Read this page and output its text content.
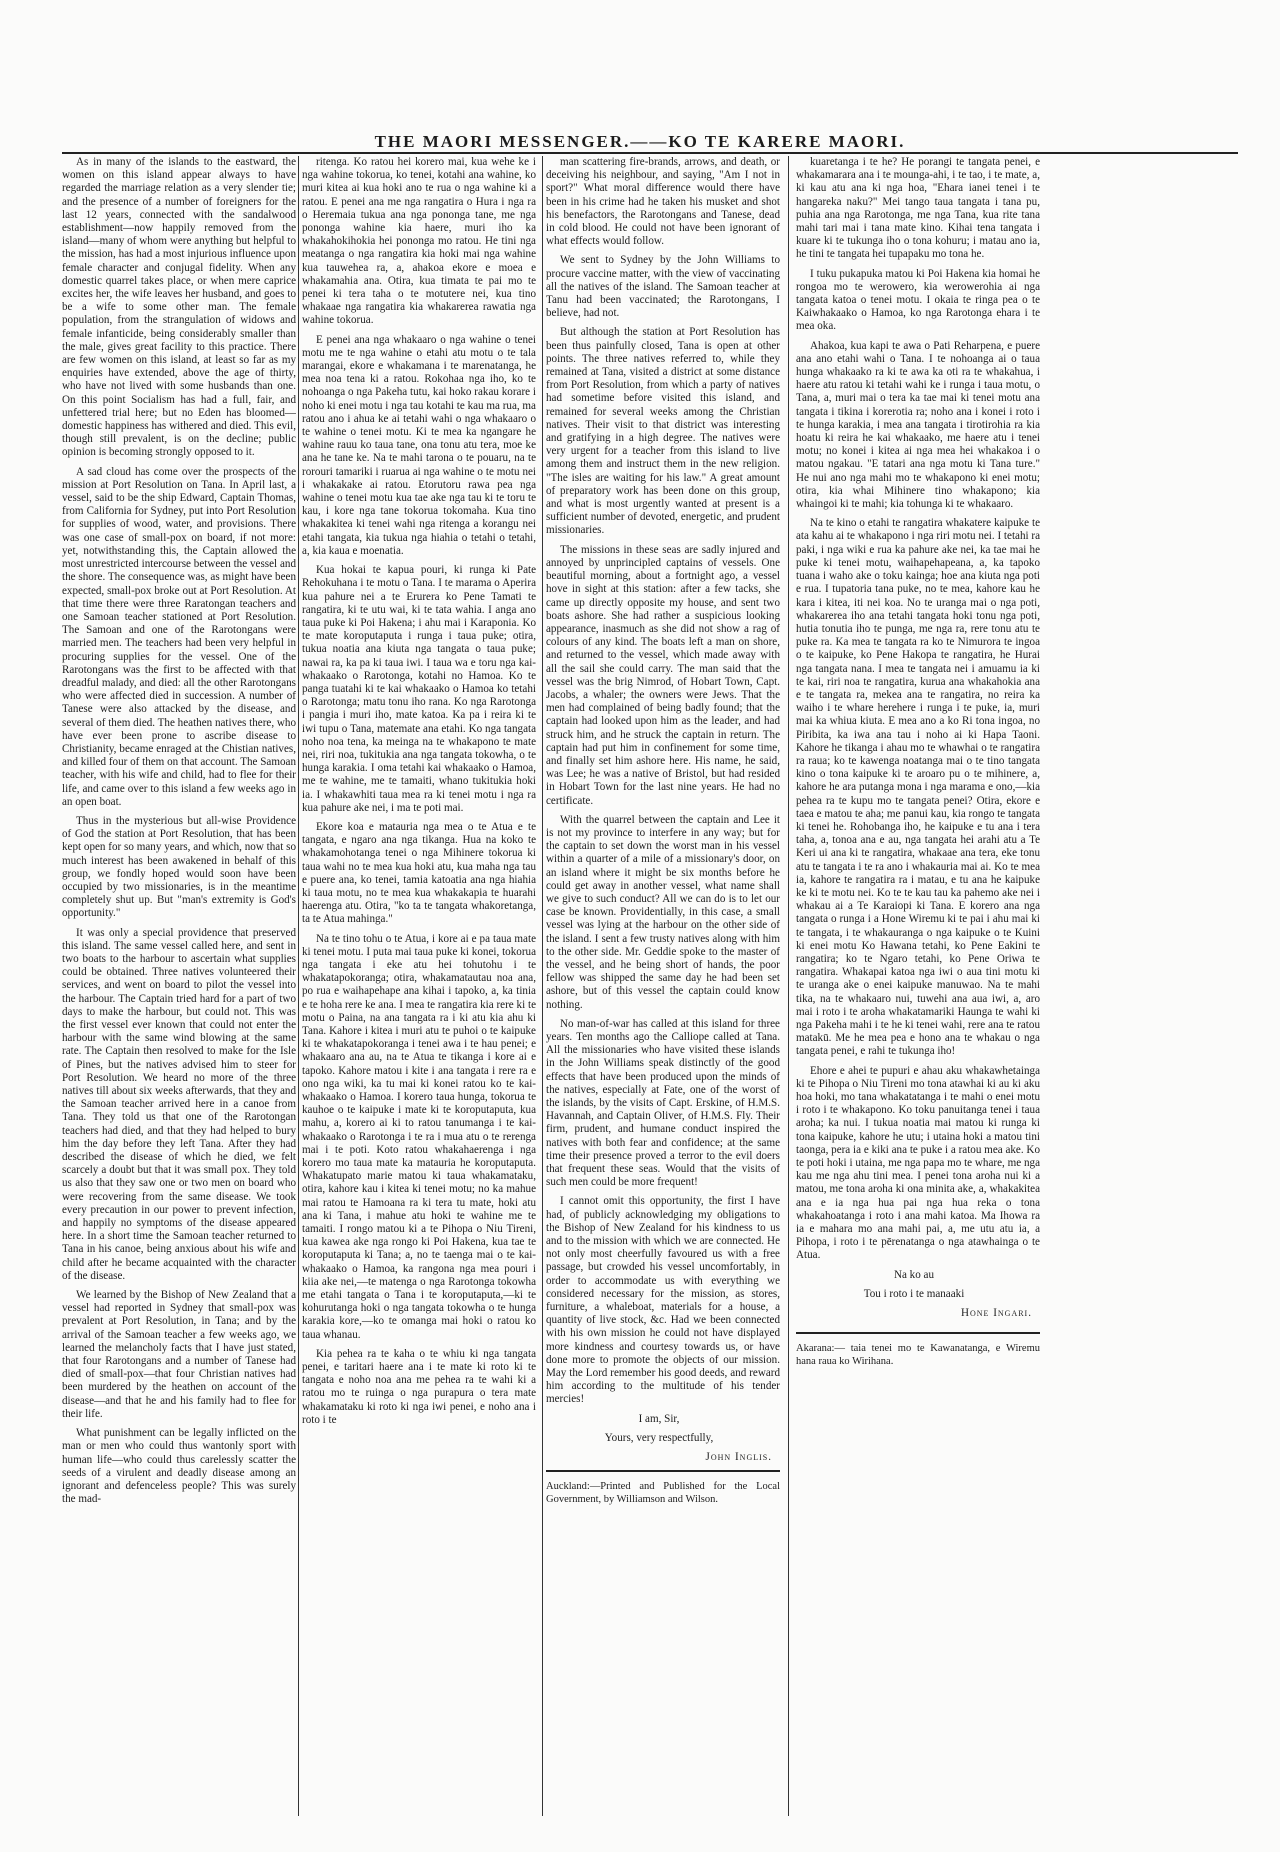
THE MAORI MESSENGER.——KO TE KARERE MAORI.

As in many of the islands to the eastward, the women on this island appear always to have regarded the marriage relation as a very slender tie; and the presence of a number of foreigners for the last 12 years, connected with the sandalwood establishment—now happily removed from the island—many of whom were anything but helpful to the mission, has had a most injurious influence upon female character and conjugal fidelity. When any domestic quarrel takes place, or when mere caprice excites her, the wife leaves her husband, and goes to be a wife to some other man. The female population, from the strangulation of widows and female infanticide, being considerably smaller than the male, gives great facility to this practice. There are few women on this island, at least so far as my enquiries have extended, above the age of thirty, who have not lived with some husbands than one. On this point Socialism has had a full, fair, and unfettered trial here; but no Eden has bloomed—domestic happiness has withered and died. This evil, though still prevalent, is on the decline; public opinion is becoming strongly opposed to it.

A sad cloud has come over the prospects of the mission at Port Resolution on Tana. In April last, a vessel, said to be the ship Edward, Captain Thomas, from California for Sydney, put into Port Resolution for supplies of wood, water, and provisions. There was one case of small-pox on board, if not more: yet, notwithstanding this, the Captain allowed the most unrestricted intercourse between the vessel and the shore. The consequence was, as might have been expected, small-pox broke out at Port Resolution. At that time there were three Raratongan teachers and one Samoan teacher stationed at Port Resolution. The Samoan and one of the Rarotongans were married men. The teachers had been very helpful in procuring supplies for the vessel. One of the Rarotongans was the first to be affected with that dreadful malady, and died: all the other Rarotongans who were affected died in succession. A number of Tanese were also attacked by the disease, and several of them died. The heathen natives there, who have ever been prone to ascribe disease to Christianity, became enraged at the Chistian natives, and killed four of them on that account. The Samoan teacher, with his wife and child, had to flee for their life, and came over to this island a few weeks ago in an open boat.

Thus in the mysterious but all-wise Providence of God the station at Port Resolution, that has been kept open for so many years, and which, now that so much interest has been awakened in behalf of this group, we fondly hoped would soon have been occupied by two missionaries, is in the meantime completely shut up. But "man's extremity is God's opportunity."

It was only a special providence that preserved this island. The same vessel called here, and sent in two boats to the harbour to ascertain what supplies could be obtained. Three natives volunteered their services, and went on board to pilot the vessel into the harbour. The Captain tried hard for a part of two days to make the harbour, but could not. This was the first vessel ever known that could not enter the harbour with the same wind blowing at the same rate. The Captain then resolved to make for the Isle of Pines, but the natives advised him to steer for Port Resolution. We heard no more of the three natives till about six weeks afterwards, that they and the Samoan teacher arrived here in a canoe from Tana. They told us that one of the Rarotongan teachers had died, and that they had helped to bury him the day before they left Tana. After they had described the disease of which he died, we felt scarcely a doubt but that it was small pox. They told us also that they saw one or two men on board who were recovering from the same disease. We took every precaution in our power to prevent infection, and happily no symptoms of the disease appeared here. In a short time the Samoan teacher returned to Tana in his canoe, being anxious about his wife and child after he became acquainted with the character of the disease.

We learned by the Bishop of New Zealand that a vessel had reported in Sydney that small-pox was prevalent at Port Resolution, in Tana; and by the arrival of the Samoan teacher a few weeks ago, we learned the melancholy facts that I have just stated, that four Rarotongans and a number of Tanese had died of small-pox—that four Christian natives had been murdered by the heathen on account of the disease—and that he and his family had to flee for their life.

What punishment can be legally inflicted on the man or men who could thus wantonly sport with human life—who could thus carelessly scatter the seeds of a virulent and deadly disease among an ignorant and defenceless people? This was surely the mad-

ritenga. Ko ratou hei korero mai, kua wehe ke i nga wahine tokorua, ko tenei, kotahi ana wahine, ko muri kitea ai kua hoki ano te rua o nga wahine ki a ratou. E penei ana me nga rangatira o Hura i nga ra o Heremaia tukua ana nga pononga tane, me nga pononga wahine kia haere, muri iho ka whakahokihokia hei pononga mo ratou. He tini nga meatanga o nga rangatira kia hoki mai nga wahine kua tauwehea ra, a, ahakoa ekore e moea e whakamahia ana. Otira, kua timata te pai mo te penei ki tera taha o te motutere nei, kua tino whakaae nga rangatira kia whakarerea rawatia nga wahine tokorua.

E penei ana nga whakaaro o nga wahine o tenei motu me te nga wahine o etahi atu motu o te tala marangai, ekore e whakamana i te marenatanga, he mea noa tena ki a ratou. Rokohaa nga iho, ko te nohoanga o nga Pakeha tutu, kai hoko rakau korare i noho ki enei motu i nga tau kotahi te kau ma rua, ma ratou ano i ahua ke ai tetahi wahi o nga whakaaro o te wahine o tenei motu. Ki te mea ka ngangare he wahine rauu ko taua tane, ona tonu atu tera, moe ke ana he tane ke. Na te mahi tarona o te pouaru, na te rorouri tamariki i ruarua ai nga wahine o te motu nei i whakakake ai ratou. Etorutoru rawa pea nga wahine o tenei motu kua tae ake nga tau ki te toru te kau, i kore nga tane tokorua tokomaha. Kua tino whakakitea ki tenei wahi nga ritenga a korangu nei etahi tangata, kia tukua nga hiahia o tetahi o tetahi, a, kia kaua e moenatia.

Kua hokai te kapua pouri, ki runga ki Pate Rehokuhana i te motu o Tana. I te marama o Aperira kua pahure nei a te Erurera ko Pene Tamati te rangatira, ki te utu wai, ki te tata wahia. I anga ano taua puke ki Poi Hakena; i ahu mai i Karaponia. Ko te mate koroputaputa i runga i taua puke; otira, tukua noatia ana kiuta nga tangata o taua puke; nawai ra, ka pa ki taua iwi. I taua wa e toru nga kai-whakaako o Rarotonga, kotahi no Hamoa. Ko te panga tuatahi ki te kai whakaako o Hamoa ko tetahi o Rarotonga; matu tonu iho rana. Ko nga Rarotonga i pangia i muri iho, mate katoa. Ka pa i reira ki te iwi tupu o Tana, matemate ana etahi. Ko nga tangata noho noa tena, ka meinga na te whakapono te mate nei, riri noa, tukitukia ana nga tangata tokowha, o te hunga karakia. I oma tetahi kai whakaako o Hamoa, me te wahine, me te tamaiti, whano tukitukia hoki ia. I whakawhiti taua mea ra ki tenei motu i nga ra kua pahure ake nei, i ma te poti mai.

Ekore koa e matauria nga mea o te Atua e te tangata, e ngaro ana nga tikanga. Hua na koko te whakamohotanga tenei o nga Mihinere tokorua ki taua wahi no te mea kua hoki atu, kua maha nga tau e puere ana, ko tenei, tamia katoatia ana nga hiahia ki taua motu, no te mea kua whakakapia te huarahi haerenga atu. Otira, "ko ta te tangata whakoretanga, ta te Atua mahinga."

Na te tino tohu o te Atua, i kore ai e pa taua mate ki tenei motu. I puta mai taua puke ki konei, tokorua nga tangata i eke atu hei tohutohu i te whakatapokoranga; otira, whakamatautau noa ana, po rua e waihapehape ana kihai i tapoko, a, ka tinia e te hoha rere ke ana. I mea te rangatira kia rere ki te motu o Paina, na ana tangata ra i ki atu kia ahu ki Tana. Kahore i kitea i muri atu te puhoi o te kaipuke ki te whakatapokoranga i tenei awa i te hau penei; e whakaaro ana au, na te Atua te tikanga i kore ai e tapoko. Kahore matou i kite i ana tangata i rere ra e ono nga wiki, ka tu mai ki konei ratou ko te kai-whakaako o Hamoa. I korero taua hunga, tokorua te kauhoe o te kaipuke i mate ki te koroputaputa, kua mahu, a, korero ai ki to ratou tanumanga i te kai-whakaako o Rarotonga i te ra i mua atu o te rerenga mai i te poti. Koto ratou whakahaerenga i nga korero mo taua mate ka matauria he koroputaputa. Whakatupato marie matou ki taua whakamataku, otira, kahore kau i kitea ki tenei motu; no ka mahue mai ratou te Hamoana ra ki tera tu mate, hoki atu ana ki Tana, i mahue atu hoki te wahine me te tamaiti. I rongo matou ki a te Pihopa o Niu Tireni, kua kawea ake nga rongo ki Poi Hakena, kua tae te koroputaputa ki Tana; a, no te taenga mai o te kai-whakaako o Hamoa, ka rangona nga mea pouri i kiia ake nei,—te matenga o nga Rarotonga tokowha me etahi tangata o Tana i te koroputaputa,—ki te kohurutanga hoki o nga tangata tokowha o te hunga karakia kore,—ko te omanga mai hoki o ratou ko taua whanau.

Kia pehea ra te kaha o te whiu ki nga tangata penei, e taritari haere ana i te mate ki roto ki te tangata e noho noa ana me pehea ra te wahi ki a ratou mo te ruinga o nga purapura o tera mate whakamataku ki roto ki nga iwi penei, e noho ana i roto i te

man scattering fire-brands, arrows, and death, or deceiving his neighbour, and saying, "Am I not in sport?" What moral difference would there have been in his crime had he taken his musket and shot his benefactors, the Rarotongans and Tanese, dead in cold blood. He could not have been ignorant of what effects would follow.

We sent to Sydney by the John Williams to procure vaccine matter, with the view of vaccinating all the natives of the island. The Samoan teacher at Tanu had been vaccinated; the Rarotongans, I believe, had not.

But although the station at Port Resolution has been thus painfully closed, Tana is open at other points. The three natives referred to, while they remained at Tana, visited a district at some distance from Port Resolution, from which a party of natives had sometime before visited this island, and remained for several weeks among the Christian natives. Their visit to that district was interesting and gratifying in a high degree. The natives were very urgent for a teacher from this island to live among them and instruct them in the new religion. "The isles are waiting for his law." A great amount of preparatory work has been done on this group, and what is most urgently wanted at present is a sufficient number of devoted, energetic, and prudent missionaries.

The missions in these seas are sadly injured and annoyed by unprincipled captains of vessels. One beautiful morning, about a fortnight ago, a vessel hove in sight at this station: after a few tacks, she came up directly opposite my house, and sent two boats ashore. She had rather a suspicious looking appearance, inasmuch as she did not show a rag of colours of any kind. The boats left a man on shore, and returned to the vessel, which made away with all the sail she could carry. The man said that the vessel was the brig Nimrod, of Hobart Town, Capt. Jacobs, a whaler; the owners were Jews. That the men had complained of being badly found; that the captain had looked upon him as the leader, and had struck him, and he struck the captain in return. The captain had put him in confinement for some time, and finally set him ashore here. His name, he said, was Lee; he was a native of Bristol, but had resided in Hobart Town for the last nine years. He had no certificate.

With the quarrel between the captain and Lee it is not my province to interfere in any way; but for the captain to set down the worst man in his vessel within a quarter of a mile of a missionary's door, on an island where it might be six months before he could get away in another vessel, what name shall we give to such conduct? All we can do is to let our case be known. Providentially, in this case, a small vessel was lying at the harbour on the other side of the island. I sent a few trusty natives along with him to the other side. Mr. Geddie spoke to the master of the vessel, and he being short of hands, the poor fellow was shipped the same day he had been set ashore, but of this vessel the captain could know nothing.

No man-of-war has called at this island for three years. Ten months ago the Calliope called at Tana. All the missionaries who have visited these islands in the John Williams speak distinctly of the good effects that have been produced upon the minds of the natives, especially at Fate, one of the worst of the islands, by the visits of Capt. Erskine, of H.M.S. Havannah, and Captain Oliver, of H.M.S. Fly. Their firm, prudent, and humane conduct inspired the natives with both fear and confidence; at the same time their presence proved a terror to the evil doers that frequent these seas. Would that the visits of such men could be more frequent!

I cannot omit this opportunity, the first I have had, of publicly acknowledging my obligations to the Bishop of New Zealand for his kindness to us and to the mission with which we are connected. He not only most cheerfully favoured us with a free passage, but crowded his vessel uncomfortably, in order to accommodate us with everything we considered necessary for the mission, as stores, furniture, a whaleboat, materials for a house, a quantity of live stock, &c. Had we been connected with his own mission he could not have displayed more kindness and courtesy towards us, or have done more to promote the objects of our mission. May the Lord remember his good deeds, and reward him according to the multitude of his tender mercies!

I am, Sir,
Yours, very respectfully,
John Inglis.
Auckland:—Printed and Published for the Local Government, by Williamson and Wilson.

kuaretanga i te he? He porangi te tangata penei, e whakamarara ana i te mounga-ahi, i te tao, i te mate, a, ki kau atu ana ki nga hoa, "Ehara ianei tenei i te hangareka naku?" Mei tango taua tangata i tana pu, puhia ana nga Rarotonga, me nga Tana, kua rite tana mahi tari mai i tana mate kino. Kihai tena tangata i kuare ki te tukunga iho o tona kohuru; i matau ano ia, he tini te tangata hei tupapaku mo tona he.

I tuku pukapuka matou ki Poi Hakena kia homai he rongoa mo te werowero, kia werowerohia ai nga tangata katoa o tenei motu. I okaia te ringa pea o te Kaiwhakaako o Hamoa, ko nga Rarotonga ehara i te mea oka.

Ahakoa, kua kapi te awa o Pati Reharpena, e puere ana ano etahi wahi o Tana. I te nohoanga ai o taua hunga whakaako ra ki te awa ka oti ra te whakahua, i haere atu ratou ki tetahi wahi ke i runga i taua motu, o Tana, a, muri mai o tera ka tae mai ki tenei motu ana tangata i tikina i korerotia ra; noho ana i konei i roto i te hunga karakia, i mea ana tangata i tirotirohia ra kia hoatu ki reira he kai whakaako, me haere atu i tenei motu; no konei i kitea ai nga mea hei whakakoa i o matou ngakau. "E tatari ana nga motu ki Tana ture." He nui ano nga mahi mo te whakapono ki enei motu; otira, kia whai Mihinere tino whakapono; kia whaingoi ki te mahi; kia tohunga ki te whakaaro.

Na te kino o etahi te rangatira whakatere kaipuke te ata kahu ai te whakapono i nga riri motu nei. I tetahi ra paki, i nga wiki e rua ka pahure ake nei, ka tae mai he puke ki tenei motu, waihapehapeana, a, ka tapoko tuana i waho ake o toku kainga; hoe ana kiuta nga poti e rua. I tupatoria tana puke, no te mea, kahore kau he kara i kitea, iti nei koa. No te uranga mai o nga poti, whakarerea iho ana tetahi tangata hoki tonu nga poti, hutia tonutia iho te punga, me nga ra, rere tonu atu te puke ra. Ka mea te tangata ra ko te Nimurora te ingoa o te kaipuke, ko Pene Hakopa te rangatira, he Hurai nga tangata nana. I mea te tangata nei i amuamu ia ki te kai, riri noa te rangatira, kurua ana whakahokia ana e te tangata ra, mekea ana te rangatira, no reira ka waiho i te whare herehere i runga i te puke, ia, muri mai ka whiua kiuta. E mea ano a ko Ri tona ingoa, no Piribita, ka iwa ana tau i noho ai ki Hapa Taoni. Kahore he tikanga i ahau mo te whawhai o te rangatira ra raua; ko te kawenga noatanga mai o te tino tangata kino o tona kaipuke ki te aroaro pu o te mihinere, a, kahore he ara putanga mona i nga marama e ono,—kia pehea ra te kupu mo te tangata penei? Otira, ekore e taea e matou te aha; me panui kau, kia rongo te tangata ki tenei he. Rohobanga iho, he kaipuke e tu ana i tera taha, a, tonoa ana e au, nga tangata hei arahi atu a Te Keri ui ana ki te rangatira, whakaae ana tera, eke tonu atu te tangata i te ra ano i whakauria mai ai. Ko te mea ia, kahore te rangatira ra i matau, e tu ana he kaipuke ke ki te motu nei. Ko te te kau tau ka pahemo ake nei i whakau ai a Te Karaiopi ki Tana. E korero ana nga tangata o runga i a Hone Wiremu ki te pai i ahu mai ki te tangata, i te whakauranga o nga kaipuke o te Kuini ki enei motu Ko Hawana tetahi, ko Pene Eakini te rangatira; ko te Ngaro tetahi, ko Pene Oriwa te rangatira. Whakapai katoa nga iwi o aua tini motu ki te uranga ake o enei kaipuke manuwao. Na te mahi tika, na te whakaaro nui, tuwehi ana aua iwi, a, aro mai i roto i te aroha whakatamariki Haunga te wahi ki nga Pakeha mahi i te he ki tenei wahi, rere ana te ratou matakū. Me he mea pea e hono ana te whakau o nga tangata penei, e rahi te tukunga iho!

Ehore e ahei te pupuri e ahau aku whakawhetainga ki te Pihopa o Niu Tireni mo tona atawhai ki au ki aku hoa hoki, mo tana whakatatanga i te mahi o enei motu i roto i te whakapono. Ko toku panuitanga tenei i taua aroha; ka nui. I tukua noatia mai matou ki runga ki tona kaipuke, kahore he utu; i utaina hoki a matou tini taonga, pera ia e kiki ana te puke i a ratou mea ake. Ko te poti hoki i utaina, me nga papa mo te whare, me nga kau me nga ahu tini mea. I penei tona aroha nui ki a matou, me tona aroha ki ona minita ake, a, whakakitea ana e ia nga hua pai nga hua reka o tona whakahoatanga i roto i ana mahi katoa. Ma Ihowa ra ia e mahara mo ana mahi pai, a, me utu atu ia, a Pihopa, i roto i te pērenatanga o nga atawhainga o te Atua.

Na ko au
Tou i roto i te manaaki
Hone Ingari.
Akarana:— taia tenei mo te Kawanatanga, e Wiremu hana raua ko Wirihana.
